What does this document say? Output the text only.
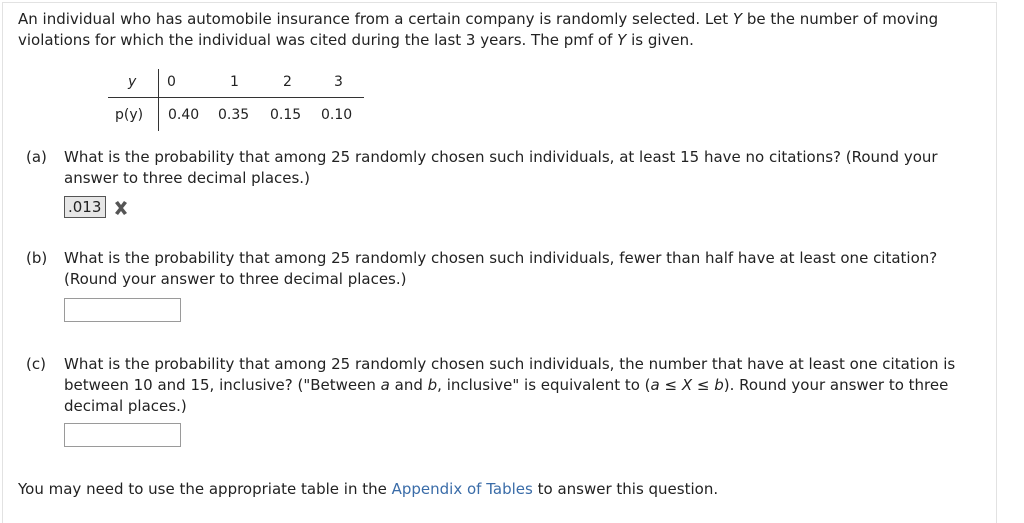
An individual who has automobile insurance from a certain company is randomly selected. Let Y be the number of moving violations for which the individual was cited during the last 3 years. The pmf of Y is given.

y 0	1	2	3
p(y) 0.40 0.35 0.15 0.10

(a) What is the probability that among 25 randomly chosen such individuals, at least 15 have no citations? (Round your answer to three decimal places.)

.013

(b) What is the probability that among 25 randomly chosen such individuals, fewer than half have at least one citation? (Round your answer to three decimal places.)

(c) What is the probability that among 25 randomly chosen such individuals, the number that have at least one citation is between 10 and 15, inclusive? ("Between a and b, inclusive" is equivalent to (a ≤ X ≤ b). Round your answer to three decimal places.)

You may need to use the appropriate table in the Appendix of Tables to answer this question.
